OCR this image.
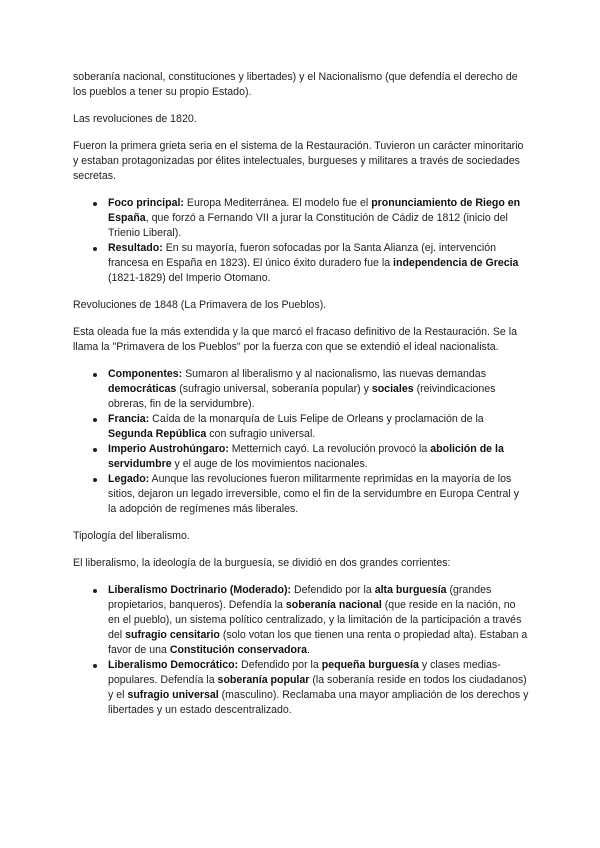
soberanía nacional, constituciones y libertades) y el Nacionalismo (que defendía el derecho de los pueblos a tener su propio Estado).

Las revoluciones de 1820.

Fueron la primera grieta seria en el sistema de la Restauración. Tuvieron un carácter minoritario y estaban protagonizadas por élites intelectuales, burgueses y militares a través de sociedades secretas.

Foco principal: Europa Mediterránea. El modelo fue el pronunciamiento de Riego en España, que forzó a Fernando VII a jurar la Constitución de Cádiz de 1812 (inicio del Trienio Liberal).
Resultado: En su mayoría, fueron sofocadas por la Santa Alianza (ej. intervención francesa en España en 1823). El único éxito duradero fue la independencia de Grecia (1821-1829) del Imperio Otomano.

Revoluciones de 1848 (La Primavera de los Pueblos).

Esta oleada fue la más extendida y la que marcó el fracaso definitivo de la Restauración. Se la llama la "Primavera de los Pueblos" por la fuerza con que se extendió el ideal nacionalista.

Componentes: Sumaron al liberalismo y al nacionalismo, las nuevas demandas democráticas (sufragio universal, soberanía popular) y sociales (reivindicaciones obreras, fin de la servidumbre).
Francia: Caída de la monarquía de Luis Felipe de Orleans y proclamación de la Segunda República con sufragio universal.
Imperio Austrohúngaro: Metternich cayó. La revolución provocó la abolición de la servidumbre y el auge de los movimientos nacionales.
Legado: Aunque las revoluciones fueron militarmente reprimidas en la mayoría de los sitios, dejaron un legado irreversible, como el fin de la servidumbre en Europa Central y la adopción de regímenes más liberales.

Tipología del liberalismo.

El liberalismo, la ideología de la burguesía, se dividió en dos grandes corrientes:

Liberalismo Doctrinario (Moderado): Defendido por la alta burguesía (grandes propietarios, banqueros). Defendía la soberanía nacional (que reside en la nación, no en el pueblo), un sistema político centralizado, y la limitación de la participación a través del sufragio censitario (solo votan los que tienen una renta o propiedad alta). Estaban a favor de una Constitución conservadora.
Liberalismo Democrático: Defendido por la pequeña burguesía y clases medias-populares. Defendía la soberanía popular (la soberanía reside en todos los ciudadanos) y el sufragio universal (masculino). Reclamaba una mayor ampliación de los derechos y libertades y un estado descentralizado.
